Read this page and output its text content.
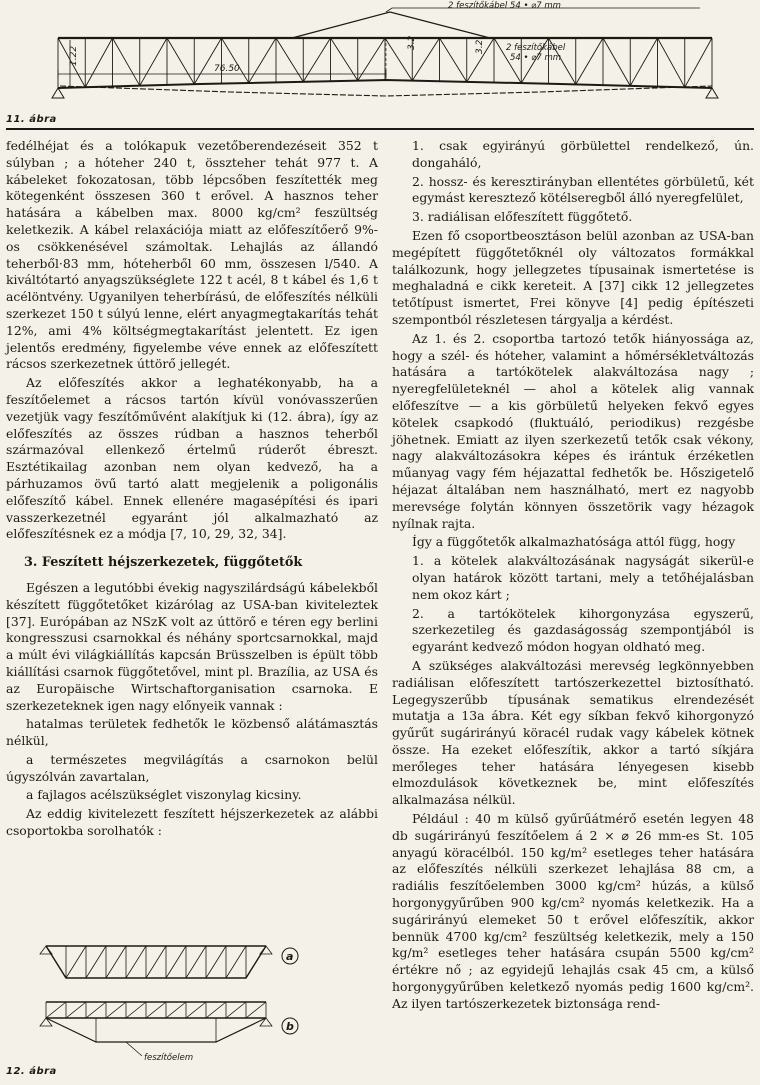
1.22
76.50
3.2	3.2
2 feszítőkábel 54 • ⌀7 mm
2 feszítőkábel
54 • ⌀7 mm
11. ábra

fedélhéjat és a tolókapuk vezetőberendezéseit 352 t súlyban ; a hóteher 240 t, összteher tehát 977 t. A kábeleket fokozatosan, több lépcsőben feszítették meg kötegenként összesen 360 t erővel. A hasznos teher hatására a kábelben max. 8000 kg/cm² feszültség keletkezik. A kábel relaxációja miatt az előfeszítőerő 9%-os csökkenésével számoltak. Lehajlás az állandó teherből·83 mm, hóteherből 60 mm, összesen l/540. A kiváltótartó anyagszükséglete 122 t acél, 8 t kábel és 1,6 t acélöntvény. Ugyanilyen teherbírású, de előfeszítés nélküli szerkezet 150 t súlyú lenne, elért anyagmegtakarítás tehát 12%, ami 4% költségmegtakarítást jelentett. Ez igen jelentős eredmény, figyelembe véve ennek az előfeszített rácsos szerkezetnek úttörő jellegét.

Az előfeszítés akkor a leghatékonyabb, ha a feszítőelemet a rácsos tartón kívül vonóvasszerűen vezetjük vagy feszítőművént alakítjuk ki (12. ábra), így az előfeszítés az összes rúdban a hasznos teherből származóval ellenkező értelmű rúderőt ébreszt. Esztétikailag azonban nem olyan kedvező, ha a párhuzamos övű tartó alatt megjelenik a poligonális előfeszítő kábel. Ennek ellenére magasépítési és ipari vasszerkezetnél egyaránt jól alkalmazható az előfeszítésnek ez a módja [7, 10, 29, 32, 34].

3. Feszített héjszerkezetek, függőtetők

Egészen a legutóbbi évekig nagyszilárdságú kábelekből készített függőtetőket kizárólag az USA-ban kiviteleztek [37]. Európában az NSzK volt az úttörő e téren egy berlini kongresszusi csarnokkal és néhány sportcsarnokkal, majd a múlt évi világkiállítás kapcsán Brüsszelben is épült több kiállítási csarnok függőtetővel, mint pl. Brazília, az USA és az Europäische Wirtschaftorganisation csarnoka. E szerkezeteknek igen nagy előnyeik vannak :

hatalmas területek fedhetők le közbenső alátámasztás nélkül,

a természetes megvilágítás a csarnokon belül úgyszólván zavartalan,

a fajlagos acélszükséglet viszonylag kicsiny.

Az eddig kivitelezett feszített héjszerkezetek az alábbi csoportokba sorolhatók :

a
b
feszítőelem
12. ábra

1. csak egyirányú görbülettel rendelkező, ún. dongaháló,

2. hossz- és keresztirányban ellentétes görbületű, két egymást keresztező kötélseregből álló nyeregfelület,

3. radiálisan előfeszített függőtető.

Ezen fő csoportbeosztáson belül azonban az USA-ban megépített függőtetőknél oly változatos formákkal találkozunk, hogy jellegzetes típusainak ismertetése is meghaladná e cikk kereteit. A [37] cikk 12 jellegzetes tetőtípust ismertet, Frei könyve [4] pedig építészeti szempontból részletesen tárgyalja a kérdést.

Az 1. és 2. csoportba tartozó tetők hiányossága az, hogy a szél- és hóteher, valamint a hőmérsékletváltozás hatására a tartókötelek alakváltozása nagy ; nyeregfelületeknél — ahol a kötelek alig vannak előfeszítve — a kis görbületű helyeken fekvő egyes kötelek csapkodó (fluktuáló, periodikus) rezgésbe jöhetnek. Emiatt az ilyen szerkezetű tetők csak vékony, nagy alakváltozásokra képes és irántuk érzéketlen műanyag vagy fém héjazattal fedhetők be. Hőszigetelő héjazat általában nem használható, mert ez nagyobb merevsége folytán könnyen összetörik vagy hézagok nyílnak rajta.

Így a függőtetők alkalmazhatósága attól függ, hogy

1. a kötelek alakváltozásának nagyságát sikerül-e olyan határok között tartani, mely a tetőhéjalásban nem okoz kárt ;

2. a tartókötelek kihorgonyzása egyszerű, szerkezetileg és gazdaságosság szempontjából is egyaránt kedvező módon hogyan oldható meg.

A szükséges alakváltozási merevség legkönnyebben radiálisan előfeszített tartószerkezettel biztosítható. Legegyszerűbb típusának sematikus elrendezését mutatja a 13a ábra. Két egy síkban fekvő kihorgonyzó gyűrűt sugárirányú köracél rudak vagy kábelek kötnek össze. Ha ezeket előfeszítik, akkor a tartó síkjára merőleges teher hatására lényegesen kisebb elmozdulások következnek be, mint előfeszítés alkalmazása nélkül.

Például : 40 m külső gyűrűátmérő esetén legyen 48 db sugárirányú feszítőelem á 2 × ⌀ 26 mm-es St. 105 anyagú köracélból. 150 kg/m² esetleges teher hatására az előfeszítés nélküli szerkezet lehajlása 88 cm, a radiális feszítőelemben 3000 kg/cm² húzás, a külső horgonygyűrűben 900 kg/cm² nyomás keletkezik. Ha a sugárirányú elemeket 50 t erővel előfeszítik, akkor bennük 4700 kg/cm² feszültség keletkezik, mely a 150 kg/m² esetleges teher hatására csupán 5500 kg/cm² értékre nő ; az egyidejű lehajlás csak 45 cm, a külső horgonygyűrűben keletkező nyomás pedig 1600 kg/cm². Az ilyen tartószerkezetek biztonsága rend-
